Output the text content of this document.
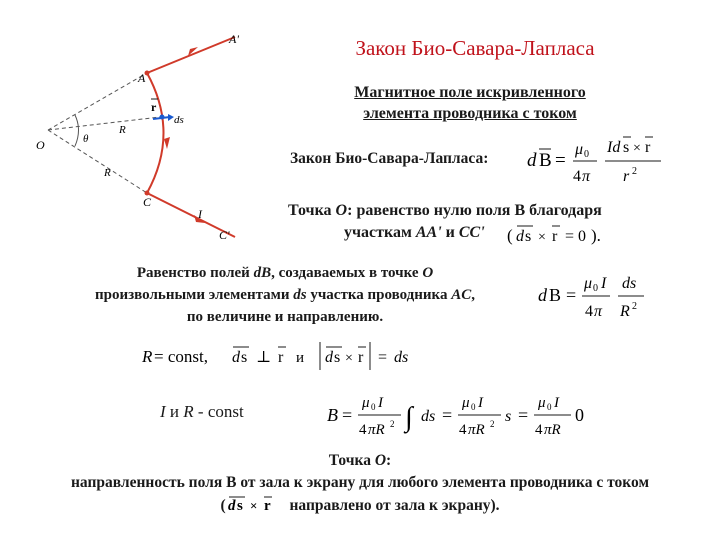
A'
A
C
C'
O
R
R
θ
r
ds
I
Закон Био-Савара-Лапласа
Магнитное поле искривленного
элемента проводника с током
Закон Био-Савара-Лапласа: d B =
μ 0
4 π
Id s × r
r 2
Точка O: равенство нулю поля B благодаря
участкам AA' и CC'	( d s × r = 0 ).
Равенство полей dB, создаваемых в точке O
произвольными элементами ds участка проводника AC,
по величине и направлению.
d B =
μ 0 I
4 π
ds
R 2
R = const, d s ⊥ r и d s × r = ds
I и R - const	B =
μ 0 I
4 πR 2 ∫ ds =
μ 0 I
4 πR 2 s =
μ 0 I
4 πR
0
Точка O:
направленность поля B от зала к экрану для любого элемента проводника с током
( d s × r направлено от зала к экрану).
